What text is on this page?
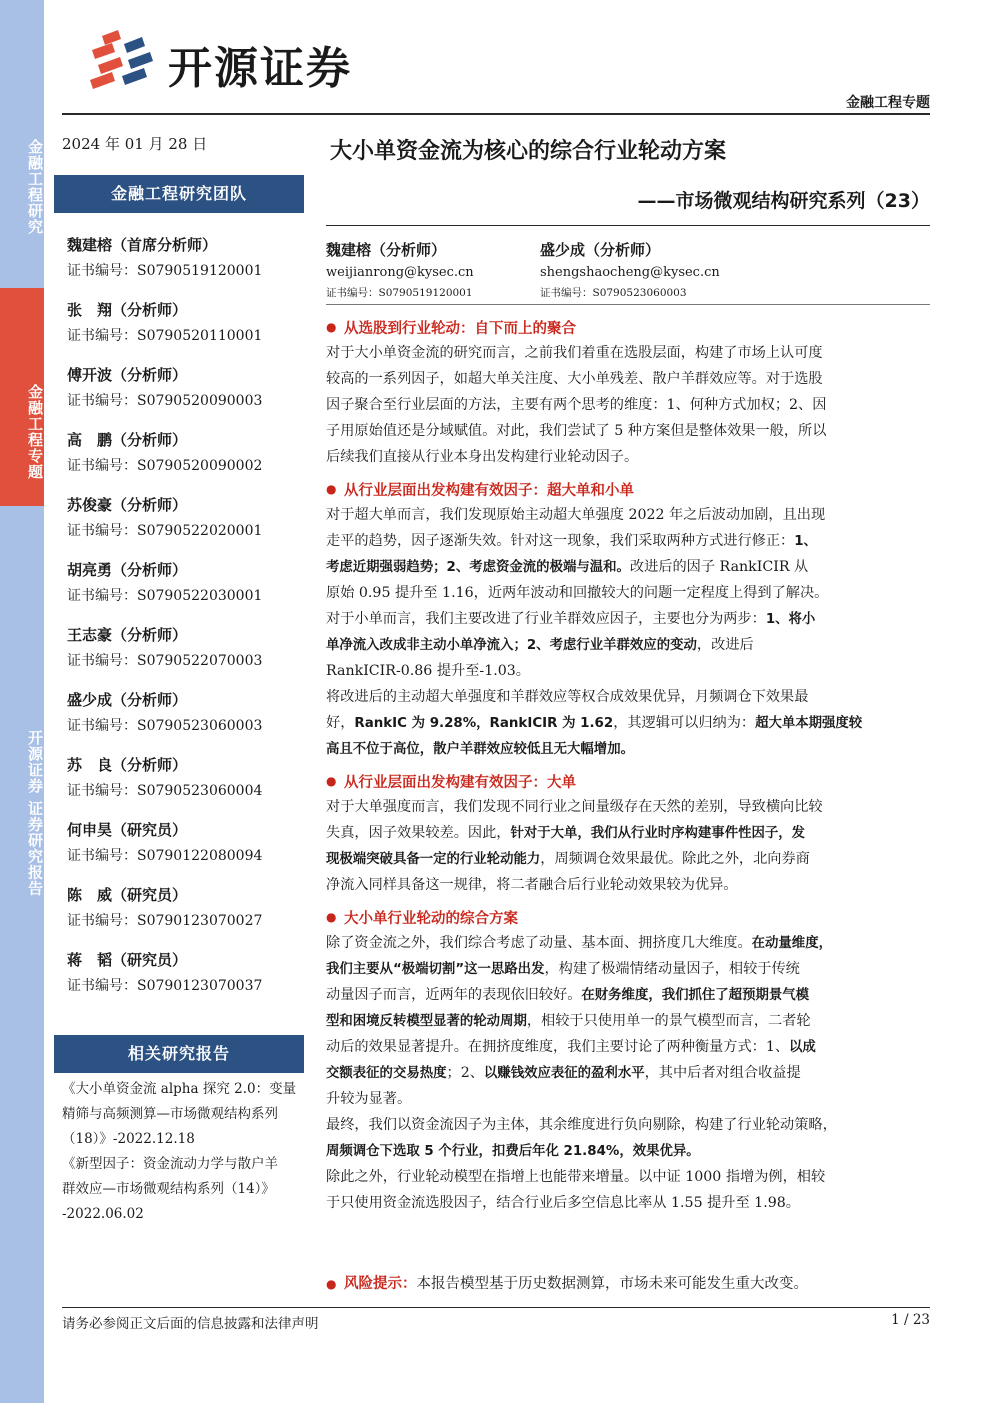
金融工程研究
金融工程专题
开源证券 证券研究报告
开源证券
金融工程专题
2024 年 01 月 28 日
金融工程研究团队
魏建榕（首席分析师）
证书编号：S0790519120001
张　翔（分析师）
证书编号：S0790520110001
傅开波（分析师）
证书编号：S0790520090003
高　鹏（分析师）
证书编号：S0790520090002
苏俊豪（分析师）
证书编号：S0790522020001
胡亮勇（分析师）
证书编号：S0790522030001
王志豪（分析师）
证书编号：S0790522070003
盛少成（分析师）
证书编号：S0790523060003
苏　良（分析师）
证书编号：S0790523060004
何申昊（研究员）
证书编号：S0790122080094
陈　威（研究员）
证书编号：S0790123070027
蒋　韬（研究员）
证书编号：S0790123070037
相关研究报告
《大小单资金流 alpha 探究 2.0：变量
精筛与高频测算—市场微观结构系列
（18）》-2022.12.18
《新型因子：资金流动力学与散户羊
群效应—市场微观结构系列（14）》
-2022.06.02
大小单资金流为核心的综合行业轮动方案
——市场微观结构研究系列（23）
魏建榕（分析师）
weijianrong@kysec.cn
证书编号：S0790519120001
盛少成（分析师）
shengshaocheng@kysec.cn
证书编号：S0790523060003
● 从选股到行业轮动：自下而上的聚合
对于大小单资金流的研究而言，之前我们着重在选股层面，构建了市场上认可度
较高的一系列因子，如超大单关注度、大小单残差、散户羊群效应等。对于选股
因子聚合至行业层面的方法，主要有两个思考的维度：1、何种方式加权；2、因
子用原始值还是分域赋值。对此，我们尝试了 5 种方案但是整体效果一般，所以
后续我们直接从行业本身出发构建行业轮动因子。
● 从行业层面出发构建有效因子：超大单和小单
对于超大单而言，我们发现原始主动超大单强度 2022 年之后波动加剧，且出现
走平的趋势，因子逐渐失效。针对这一现象，我们采取两种方式进行修正：1、
考虑近期强弱趋势；2、考虑资金流的极端与温和。改进后的因子 RankICIR 从
原始 0.95 提升至 1.16，近两年波动和回撤较大的问题一定程度上得到了解决。
对于小单而言，我们主要改进了行业羊群效应因子，主要也分为两步：1、将小
单净流入改成非主动小单净流入；2、考虑行业羊群效应的变动，改进后
RankICIR-0.86 提升至-1.03。
将改进后的主动超大单强度和羊群效应等权合成效果优异，月频调仓下效果最
好，RankIC 为 9.28%，RankICIR 为 1.62，其逻辑可以归纳为：超大单本期强度较
高且不位于高位，散户羊群效应较低且无大幅增加。
● 从行业层面出发构建有效因子：大单
对于大单强度而言，我们发现不同行业之间量级存在天然的差别，导致横向比较
失真，因子效果较差。因此，针对于大单，我们从行业时序构建事件性因子，发
现极端突破具备一定的行业轮动能力，周频调仓效果最优。除此之外，北向券商
净流入同样具备这一规律，将二者融合后行业轮动效果较为优异。
● 大小单行业轮动的综合方案
除了资金流之外，我们综合考虑了动量、基本面、拥挤度几大维度。在动量维度，
我们主要从“极端切割”这一思路出发，构建了极端情绪动量因子，相较于传统
动量因子而言，近两年的表现依旧较好。在财务维度，我们抓住了超预期景气模
型和困境反转模型显著的轮动周期，相较于只使用单一的景气模型而言，二者轮
动后的效果显著提升。在拥挤度维度，我们主要讨论了两种衡量方式：1、以成
交额表征的交易热度；2、以赚钱效应表征的盈利水平，其中后者对组合收益提
升较为显著。
最终，我们以资金流因子为主体，其余维度进行负向剔除，构建了行业轮动策略，
周频调仓下选取 5 个行业，扣费后年化 21.84%，效果优异。
除此之外，行业轮动模型在指增上也能带来增量。以中证 1000 指增为例，相较
于只使用资金流选股因子，结合行业后多空信息比率从 1.55 提升至 1.98。
● 风险提示：本报告模型基于历史数据测算，市场未来可能发生重大改变。
请务必参阅正文后面的信息披露和法律声明	1 / 23
